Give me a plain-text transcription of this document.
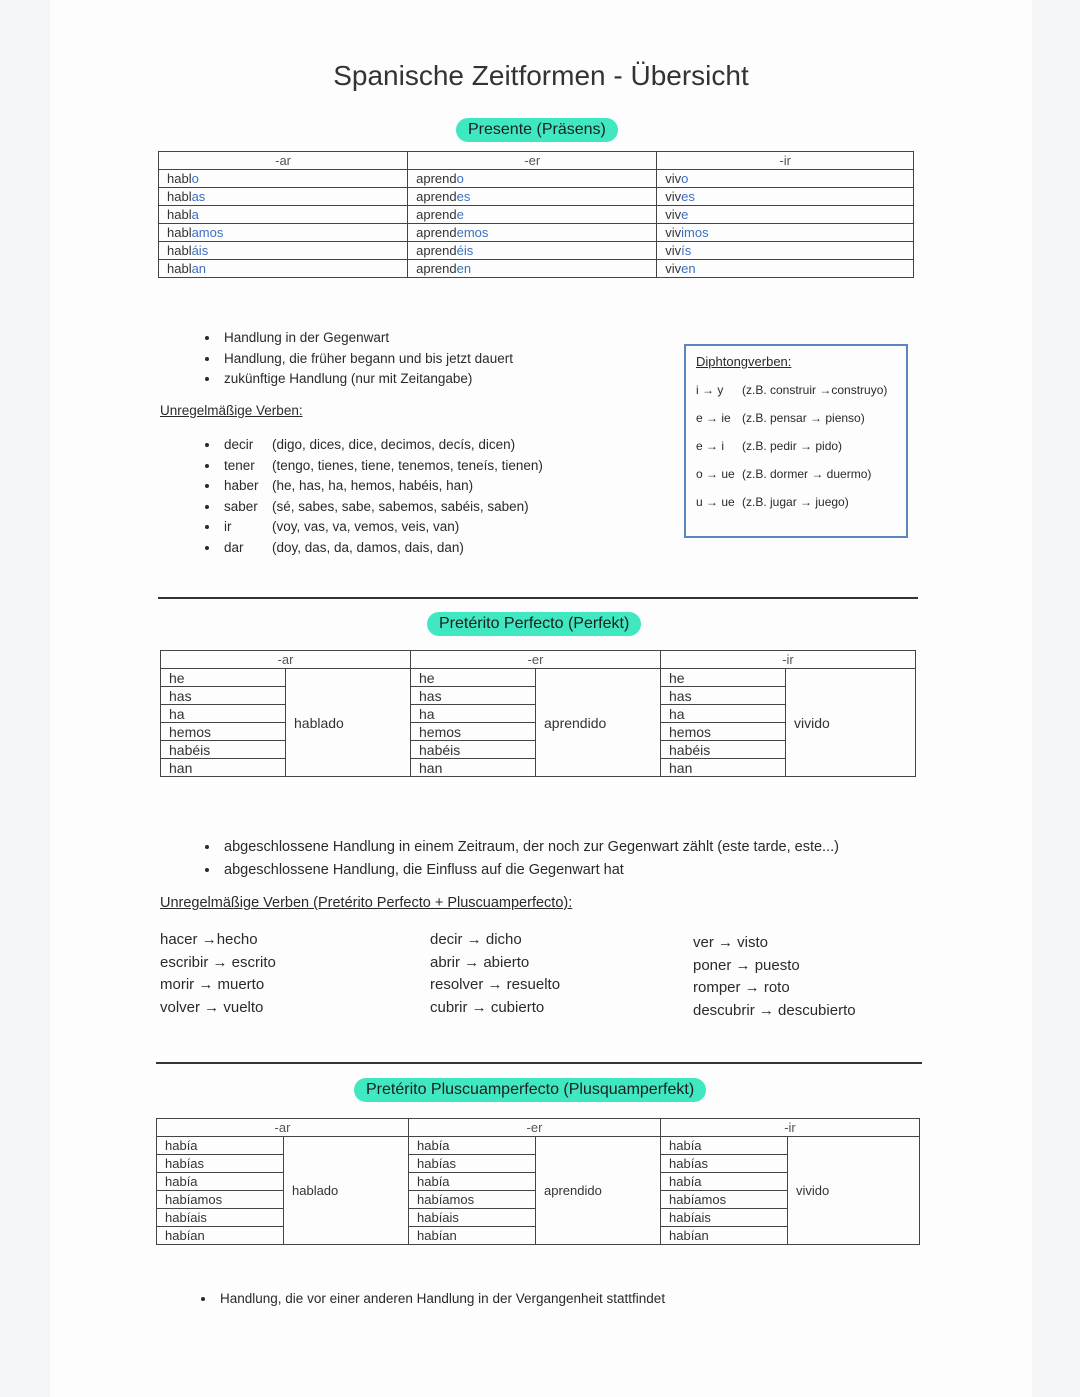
Spanische Zeitformen - Übersicht
Presente (Präsens)
-ar	-er	-ir
hablo	aprendo	vivo
hablas	aprendes	vives
habla	aprende	vive
hablamos	aprendemos	vivimos
habláis	aprendéis	vivís
hablan	aprenden	viven
• Handlung in der Gegenwart
• Handlung, die früher begann und bis jetzt dauert
• zukünftige Handlung (nur mit Zeitangabe)
Unregelmäßige Verben:
• decir (digo, dices, dice, decimos, decís, dicen)
• tener (tengo, tienes, tiene, tenemos, teneís, tienen)
• haber (he, has, ha, hemos, habéis, han)
• saber (sé, sabes, sabe, sabemos, sabéis, saben)
• ir	(voy, vas, va, vemos, veis, van)
• dar (doy, das, da, damos, dais, dan)
Diphtongverben:
i → y (z.B. construir →construyo)
e → ie (z.B. pensar → pienso)
e → i (z.B. pedir → pido)
o → ue (z.B. dormer → duermo)
u → ue (z.B. jugar → juego)
Pretérito Perfecto (Perfekt)
-ar		-er		-ir	
he	hablado	he	aprendido	he	vivido
has		has		has	
ha		ha		ha	
hemos		hemos		hemos	
habéis		habéis		habéis	
han		han		han	
• abgeschlossene Handlung in einem Zeitraum, der noch zur Gegenwart zählt (este tarde, este...)
• abgeschlossene Handlung, die Einfluss auf die Gegenwart hat
Unregelmäßige Verben (Pretérito Perfecto + Pluscuamperfecto):
hacer →hecho
escribir → escrito
morir → muerto
volver → vuelto
decir → dicho
abrir → abierto
resolver → resuelto
cubrir → cubierto
ver → visto
poner → puesto
romper → roto
descubrir → descubierto
Pretérito Pluscuamperfecto (Plusquamperfekt)
-ar		-er		-ir	
había	hablado	había	aprendido	había	vivido
habías		habías		habías	
había		había		había	
habíamos		habíamos		habíamos	
habíais		habíais		habíais	
habían		habían		habían	
• Handlung, die vor einer anderen Handlung in der Vergangenheit stattfindet
